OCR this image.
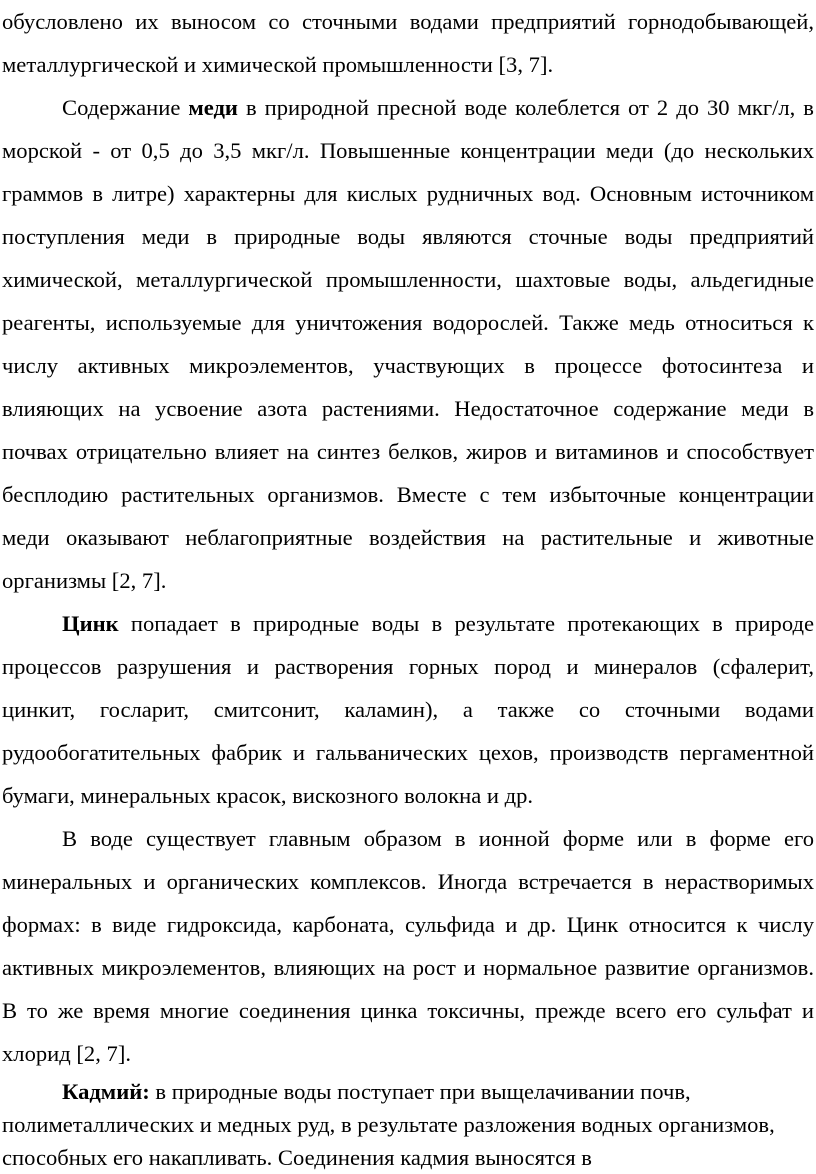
обусловлено их выносом со сточными водами предприятий горнодобывающей, металлургической и химической промышленности [3, 7].

Содержание меди в природной пресной воде колеблется от 2 до 30 мкг/л, в морской - от 0,5 до 3,5 мкг/л. Повышенные концентрации меди (до нескольких граммов в литре) характерны для кислых рудничных вод. Основным источником поступления меди в природные воды являются сточные воды предприятий химической, металлургической промышленности, шахтовые воды, альдегидные реагенты, используемые для уничтожения водорослей. Также медь относиться к числу активных микроэлементов, участвующих в процессе фотосинтеза и влияющих на усвоение азота растениями. Недостаточное содержание меди в почвах отрицательно влияет на синтез белков, жиров и витаминов и способствует бесплодию растительных организмов. Вместе с тем избыточные концентрации меди оказывают неблагоприятные воздействия на растительные и животные организмы [2, 7].

Цинк попадает в природные воды в результате протекающих в природе процессов разрушения и растворения горных пород и минералов (сфалерит, цинкит, госларит, смитсонит, каламин), а также со сточными водами рудообогатительных фабрик и гальванических цехов, производств пергаментной бумаги, минеральных красок, вискозного волокна и др.

В воде существует главным образом в ионной форме или в форме его минеральных и органических комплексов. Иногда встречается в нерастворимых формах: в виде гидроксида, карбоната, сульфида и др. Цинк относится к числу активных микроэлементов, влияющих на рост и нормальное развитие организмов. В то же время многие соединения цинка токсичны, прежде всего его сульфат и хлорид [2, 7].

Кадмий: в природные воды поступает при выщелачивании почв, полиметаллических и медных руд, в результате разложения водных организмов, способных его накапливать. Соединения кадмия выносятся в
